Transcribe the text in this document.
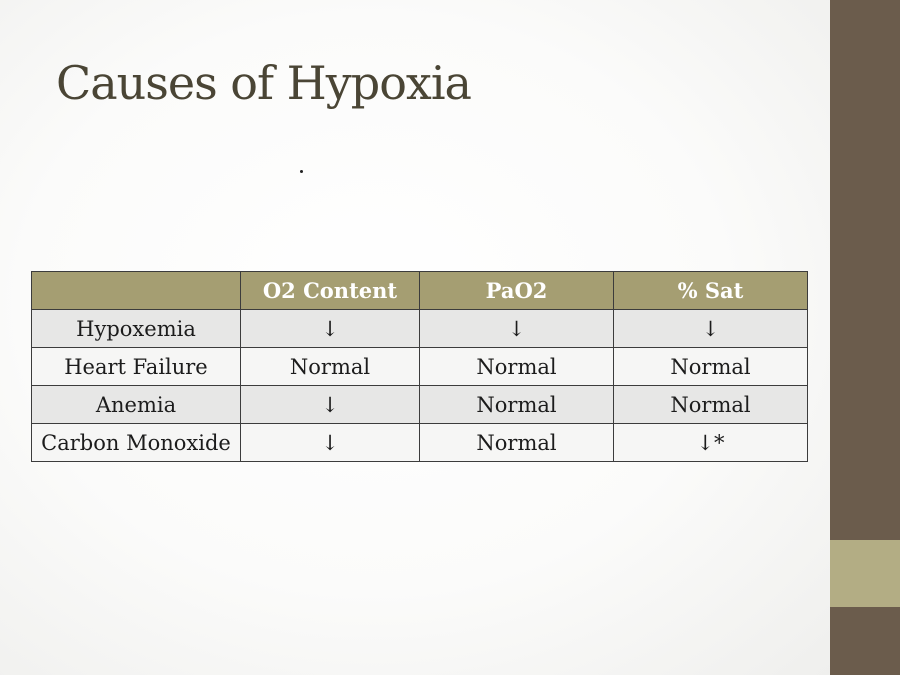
Causes of Hypoxia
	O2 Content	PaO2	% Sat
Hypoxemia	↓	↓	↓
Heart Failure	Normal	Normal	Normal
Anemia	↓	Normal	Normal
Carbon Monoxide	↓	Normal	↓*
